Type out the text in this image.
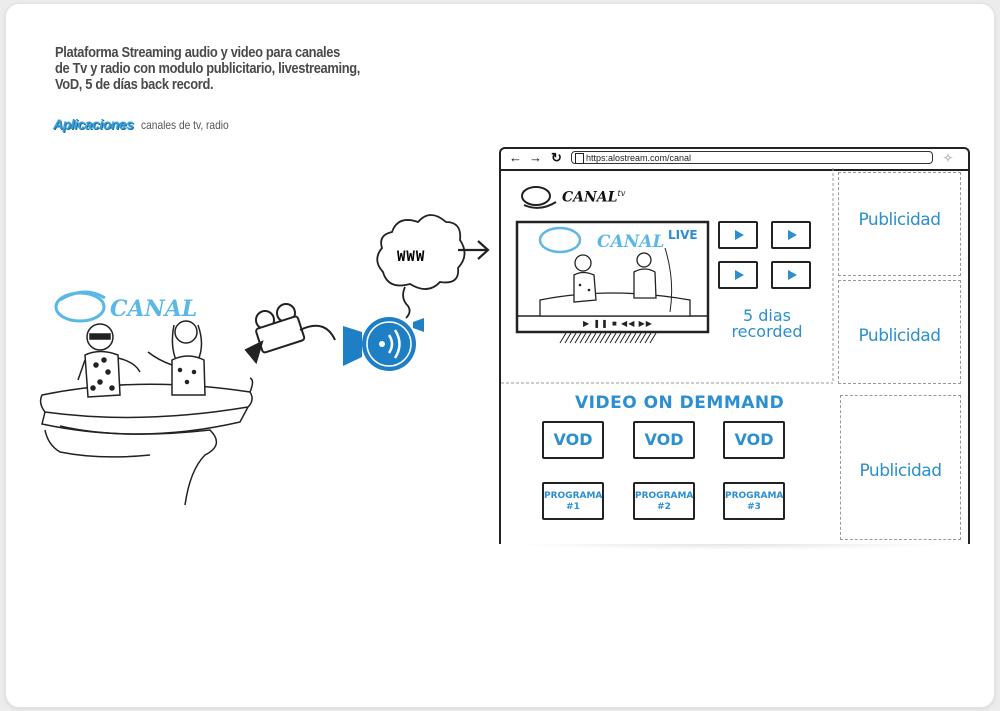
Plataforma Streaming audio y video para canales
de Tv y radio con modulo publicitario, livestreaming,
VoD, 5 de días back record.
Aplicaciones canales de tv, radio
CANAL
WWW
← → ↻	https:alostream.com/canal	✧
$CANAL^{tv}$
CANAL LIVE
▶ ❚❚ ■ ◀◀ ▶▶	5 dias
recorded
Publicidad
Publicidad
Publicidad
VIDEO ON DEMMAND
VOD	VOD	VOD
PROGRAMA
#1
PROGRAMA
#2
PROGRAMA
#3
